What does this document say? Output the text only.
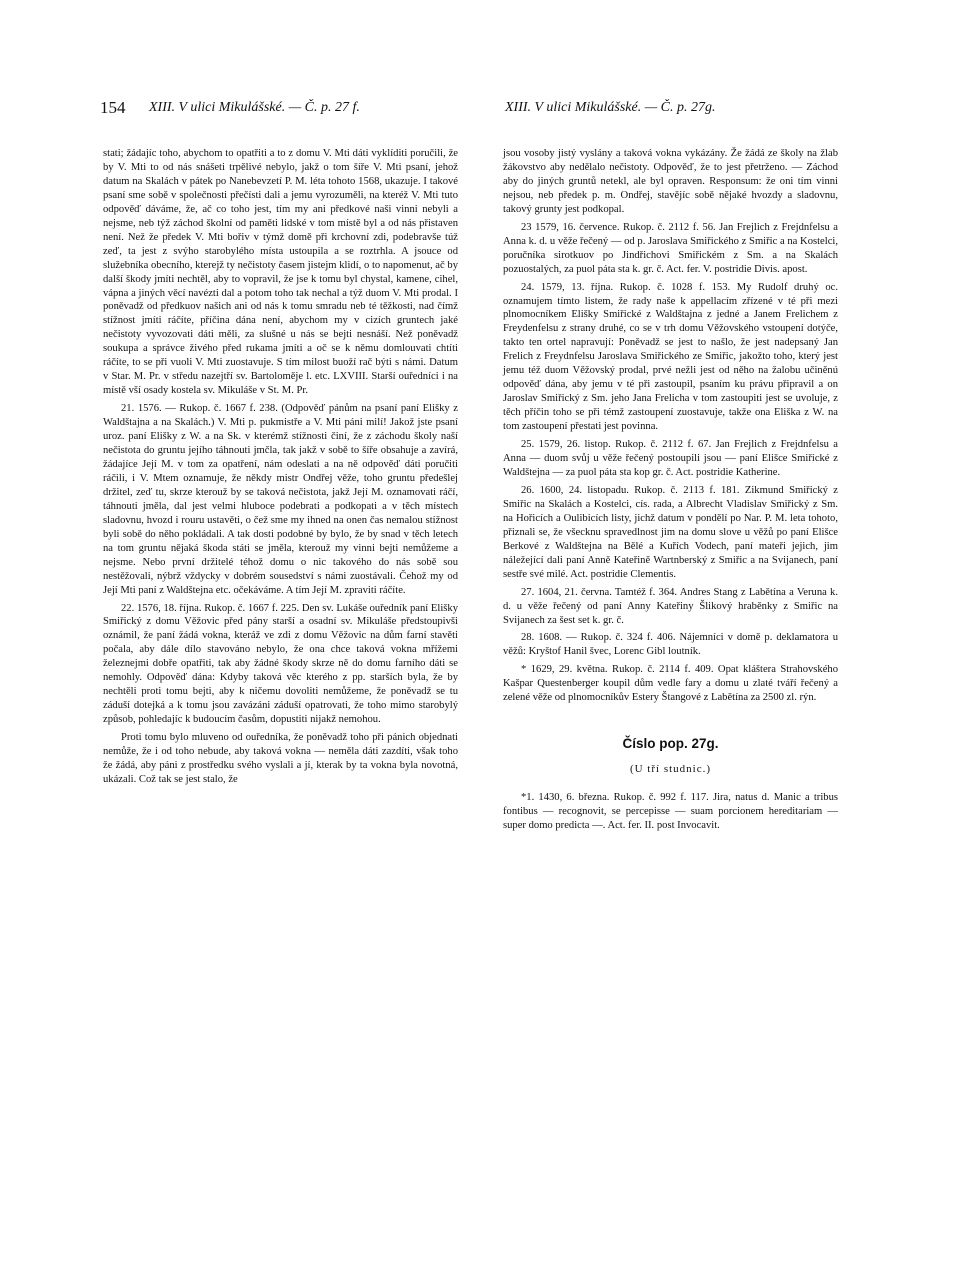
154 XIII. V ulici Mikulášské. — Č. p. 27 f.	XIII. V ulici Mikulášské. — Č. p. 27g.

stati; žádajíc toho, abychom to opatřiti a to z domu V. Mti dáti vyklíditi poručili, že by V. Mti to od nás snášeti trpělivé nebylo, jakž o tom šíře V. Mti psaní, jehož datum na Skalách v pátek po Nanebevzetí P. M. léta tohoto 1568, ukazuje. I takové psaní sme sobě v společnosti přečísti dali a jemu vyrozuměli, na kteréž V. Mti tuto odpověď dáváme, že, ač co toho jest, tím my ani předkové naši vinni nebyli a nejsme, neb týž záchod školní od paměti lidské v tom místě byl a od nás přistaven není. Než že předek V. Mti bořiv v týmž domě při krchovní zdi, podebravše túž zeď, ta jest z svýho starobylého místa ustoupila a se roztrhla. A jsouce od služebníka obecního, kterejž ty nečistoty časem jistejm klidí, o to napomenut, ač by další škody jmíti nechtěl, aby to vopravil, že jse k tomu byl chystal, kamene, cihel, vápna a jiných věcí navézti dal a potom toho tak nechal a týž duom V. Mti prodal. I poněvadž od předkuov našich ani od nás k tomu smradu neb té těžkosti, nad čímž stížnost jmíti ráčíte, příčina dána není, abychom my v cizích gruntech jaké nečistoty vyvozovati dáti měli, za slušné u nás se bejti nesnáší. Než poněvadž soukupa a správce živého před rukama jmíti a oč se k němu domlouvati chtíti ráčíte, to se při vuoli V. Mti zuostavuje. S tím milost buoží rač býti s námi. Datum v Star. M. Pr. v středu nazejtří sv. Bartoloměje l. etc. LXVIII. Starší ouředníci i na místě vší osady kostela sv. Mikuláše v St. M. Pr.

21. 1576. — Rukop. č. 1667 f. 238. (Odpověď pánům na psaní paní Elišky z Waldštajna a na Skalách.) V. Mti p. pukmistře a V. Mti páni milí! Jakož jste psaní uroz. paní Elišky z W. a na Sk. v kterémž stížnosti činí, že z záchodu školy naší nečistota do gruntu jejího táhnouti jmčla, tak jakž v sobě to šíře obsahuje a zavírá, žádajíce Její M. v tom za opatření, nám odeslati a na ně odpověď dáti poručiti ráčili, i V. Mtem oznamuje, že někdy mistr Ondřej věže, toho gruntu předešlej držitel, zeď tu, skrze kterouž by se taková nečistota, jakž Její M. oznamovati ráčí, táhnouti jměla, dal jest velmi hluboce podebrati a podkopati a v těch místech sladovnu, hvozd i rouru ustavěti, o čež sme my ihned na onen čas nemalou stížnost byli sobě do něho pokládali. A tak dosti podobné by bylo, že by snad v těch letech na tom gruntu nějaká škoda státi se jměla, kterouž my vinni bejti nemůžeme a nejsme. Nebo první držitelé téhož domu o nic takového do nás sobě sou nestěžovali, nýbrž vždycky v dobrém sousedství s námi zuostávali. Čehož my od Její Mti paní z Waldštejna etc. očekáváme. A tím Její M. zpraviti ráčíte.

22. 1576, 18. října. Rukop. č. 1667 f. 225. Den sv. Lukáše ouředník paní Elišky Smiřický z domu Věžovic před pány starší a osadní sv. Mikuláše předstoupivši oznámil, že paní žádá vokna, kteráž ve zdi z domu Věžovic na dům farní stavěti počala, aby dále dílo stavováno nebylo, že ona chce taková vokna mřížemi železnejmi dobře opatřiti, tak aby žádné škody skrze ně do domu farního dáti se nemohly. Odpověď dána: Kdyby taková věc kterého z pp. starších byla, že by nechtěli proti tomu bejti, aby k ničemu dovoliti nemůžeme, že poněvadž se tu záduší dotejká a k tomu jsou zavázáni záduší opatrovati, že toho mimo starobylý způsob, pohledajíc k budoucím časům, dopustiti nijakž nemohou.

Proti tomu bylo mluveno od ouředníka, že poněvadž toho při pánich objednati nemůže, že i od toho nebude, aby taková vokna — neměla dáti zazdíti, však toho že žádá, aby páni z prostředku svého vyslali a jí, kterak by ta vokna byla novotná, ukázali. Což tak se jest stalo, že

jsou vosoby jistý vyslány a taková vokna vykázány. Že žádá ze školy na žlab žákovstvo aby nedělalo nečistoty. Odpověď, že to jest přetrženo. — Záchod aby do jiných gruntů netekl, ale byl opraven. Responsum: že oni tím vinni nejsou, neb předek p. m. Ondřej, stavějíc sobě nějaké hvozdy a sladovnu, takový grunty jest podkopal.

23 1579, 16. července. Rukop. č. 2112 f. 56. Jan Frejlich z Frejdnfelsu a Anna k. d. u věže řečený — od p. Jaroslava Smiřického z Smiřic a na Kostelci, poručníka sirotkuov po Jindřichovi Smiřickém z Sm. a na Skalách pozuostalých, za puol páta sta k. gr. č. Act. fer. V. postridie Divis. apost.

24. 1579, 13. října. Rukop. č. 1028 f. 153. My Rudolf druhý oc. oznamujem tímto listem, že rady naše k appellacím zřízené v té při mezi plnomocníkem Elišky Smiřické z Waldštajna z jedné a Janem Frelichem z Freydenfelsu z strany druhé, co se v trh domu Věžovského vstoupení dotýče, takto ten ortel napravují: Poněvadž se jest to našlo, že jest nadepsaný Jan Frelich z Freydnfelsu Jaroslava Smiřického ze Smiřic, jakožto toho, který jest jemu též duom Věžovský prodal, prvé nežli jest od něho na žalobu učiněnú odpověď dána, aby jemu v té při zastoupil, psaním ku právu připravil a on Jaroslav Smiřický z Sm. jeho Jana Frelicha v tom zastoupiti jest se uvoluje, z těch příčin toho se při témž zastoupení zuostavuje, takže ona Eliška z W. na tom zastoupení přestati jest povinna.

25. 1579, 26. listop. Rukop. č. 2112 f. 67. Jan Frejlich z Frejdnfelsu a Anna — duom svůj u věže řečený postoupili jsou — paní Elišce Smiřické z Waldštejna — za puol páta sta kop gr. č. Act. postridie Katherine.

26. 1600, 24. listopadu. Rukop. č. 2113 f. 181. Zikmund Smiřický z Smiřic na Skalách a Kostelci, cís. rada, a Albrecht Vladislav Smiřický z Sm. na Hořicích a Oulibicích listy, jichž datum v pondělí po Nar. P. M. leta tohoto, přiznali se, že všecknu spravedlnost jim na domu slove u věžů po paní Elišce Berkové z Waldštejna na Bělé a Kuřích Vodech, paní mateři jejich, jim náležející dali paní Anně Kateřině Wartnberský z Smiřic a na Svijanech, paní sestře své milé. Act. postridie Clementis.

27. 1604, 21. června. Tamtéž f. 364. Andres Stang z Labětína a Veruna k. d. u věže řečený od paní Anny Kateřiny Šlikový hraběnky z Smiřic na Svijanech za šest set k. gr. č.

28. 1608. — Rukop. č. 324 f. 406. Nájemníci v domě p. deklamatora u věžů: Kryštof Hanil švec, Lorenc Gibl loutník.

* 1629, 29. května. Rukop. č. 2114 f. 409. Opat kláštera Strahovského Kašpar Questenberger koupil dům vedle fary a domu u zlaté tváří řečený a zelené věže od plnomocníkův Estery Štangové z Labětína za 2500 zl. rýn.

Číslo pop. 27g.

(U tří studnic.)

*1. 1430, 6. března. Rukop. č. 992 f. 117. Jira, natus d. Manic a tribus fontibus — recognovit, se percepisse — suam porcionem hereditariam — super domo predicta —. Act. fer. II. post Invocavit.
